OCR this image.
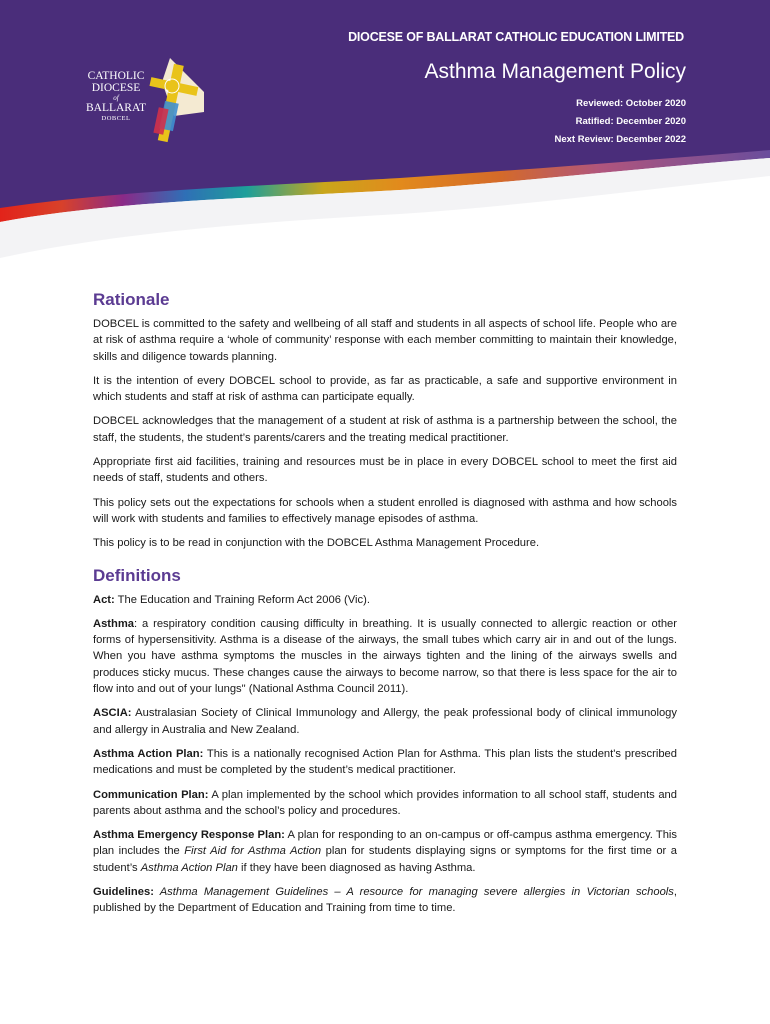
CATHOLIC
DIOCESE
of
BALLARAT
DOBCEL
DIOCESE OF BALLARAT CATHOLIC EDUCATION LIMITED
Asthma Management Policy
Reviewed: October 2020
Ratified: December 2020
Next Review: December 2022
Rationale

DOBCEL is committed to the safety and wellbeing of all staff and students in all aspects of school life. People who are at risk of asthma require a ‘whole of community’ response with each member committing to maintain their knowledge, skills and diligence towards planning.

It is the intention of every DOBCEL school to provide, as far as practicable, a safe and supportive environment in which students and staff at risk of asthma can participate equally.

DOBCEL acknowledges that the management of a student at risk of asthma is a partnership between the school, the staff, the students, the student’s parents/carers and the treating medical practitioner.

Appropriate first aid facilities, training and resources must be in place in every DOBCEL school to meet the first aid needs of staff, students and others.

This policy sets out the expectations for schools when a student enrolled is diagnosed with asthma and how schools will work with students and families to effectively manage episodes of asthma.

This policy is to be read in conjunction with the DOBCEL Asthma Management Procedure.

Definitions

Act: The Education and Training Reform Act 2006 (Vic).

Asthma: a respiratory condition causing difficulty in breathing. It is usually connected to allergic reaction or other forms of hypersensitivity. Asthma is a disease of the airways, the small tubes which carry air in and out of the lungs. When you have asthma symptoms the muscles in the airways tighten and the lining of the airways swells and produces sticky mucus. These changes cause the airways to become narrow, so that there is less space for the air to flow into and out of your lungs" (National Asthma Council 2011).

ASCIA: Australasian Society of Clinical Immunology and Allergy, the peak professional body of clinical immunology and allergy in Australia and New Zealand.

Asthma Action Plan: This is a nationally recognised Action Plan for Asthma. This plan lists the student's prescribed medications and must be completed by the student’s medical practitioner.

Communication Plan: A plan implemented by the school which provides information to all school staff, students and parents about asthma and the school’s policy and procedures.

Asthma Emergency Response Plan: A plan for responding to an on-campus or off-campus asthma emergency. This plan includes the First Aid for Asthma Action plan for students displaying signs or symptoms for the first time or a student’s Asthma Action Plan if they have been diagnosed as having Asthma.

Guidelines: Asthma Management Guidelines – A resource for managing severe allergies in Victorian schools, published by the Department of Education and Training from time to time.
